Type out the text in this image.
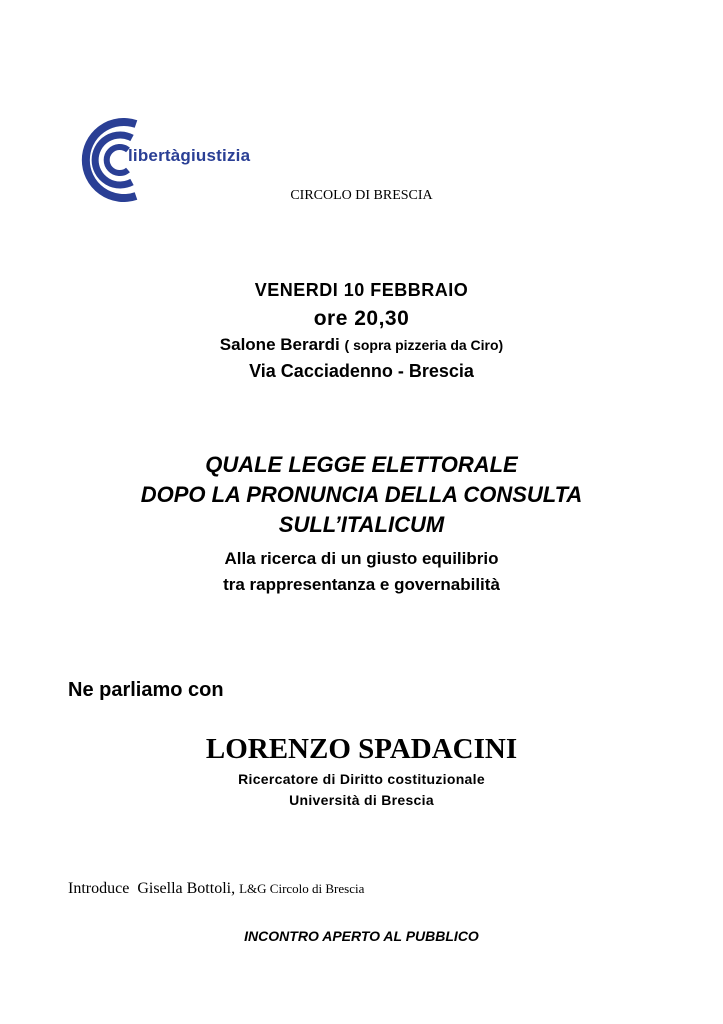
libertàgiustizia
CIRCOLO DI BRESCIA
VENERDI 10 FEBBRAIO
ore 20,30
Salone Berardi ( sopra pizzeria da Ciro)
Via Cacciadenno - Brescia
QUALE LEGGE ELETTORALE
DOPO LA PRONUNCIA DELLA CONSULTA
SULL’ITALICUM
Alla ricerca di un giusto equilibrio
tra rappresentanza e governabilità
Ne parliamo con
LORENZO SPADACINI
Ricercatore di Diritto costituzionale
Università di Brescia
Introduce Gisella Bottoli, L&G Circolo di Brescia
INCONTRO APERTO AL PUBBLICO
